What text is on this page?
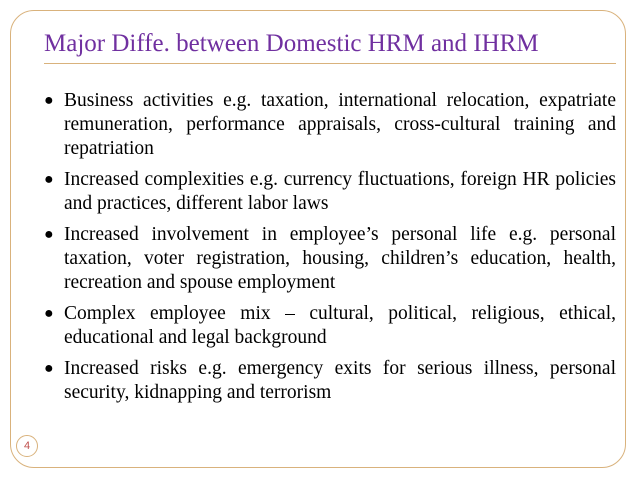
Major Diffe. between Domestic HRM and IHRM
● Business activities e.g. taxation, international relocation, expatriate remuneration, performance appraisals, cross-cultural training and repatriation
● Increased complexities e.g. currency fluctuations, foreign HR policies and practices, different labor laws
● Increased involvement in employee’s personal life e.g. personal taxation, voter registration, housing, children’s education, health, recreation and spouse employment
● Complex employee mix – cultural, political, religious, ethical, educational and legal background
● Increased risks e.g. emergency exits for serious illness, personal security, kidnapping and terrorism
4
